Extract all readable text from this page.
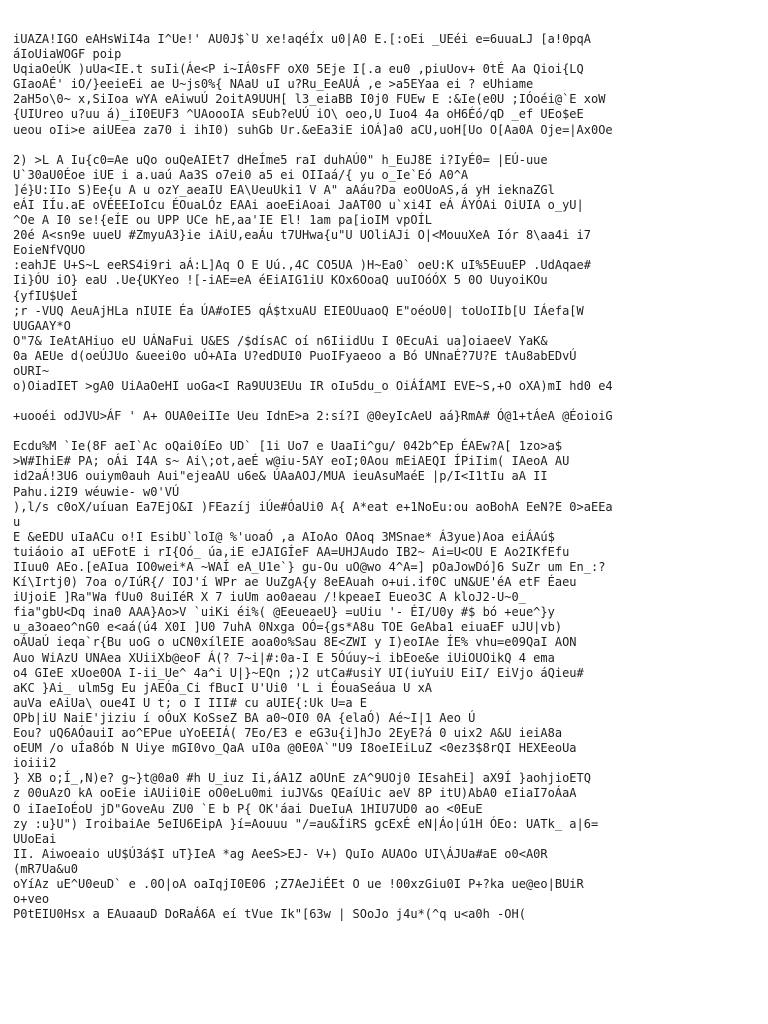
iUAZA!IGO eAHsWiI4a I^Ue!' AU0J$`U xe!aqéÍx u0|A0 E.[:oEi _UEéi e=6uuaLJ [a!0pqA
áIoUiaWOGF poip
UqiaOeÚK )uUa<IE.t suIi(Áe<P i~IÁ0sFF oX0 5Eje I[.a eu0 ,piuUov+ 0tÉ Aa Qioi{LQ
GIaoAÉ' iO/}eeieEi ae U~js0%{ NAaU uI u?Ru_EeAUÁ ,e >a5EYaa ei ? eUhiame
2aH5o\0~ x,SiIoa wYA eAiwuÚ 2oitA9UUH[ l3_eiaBB I0j0 FUEw E :&Ie(e0U ;IÓoéi@`E xoW
{UIUreo u?uu á)_iI0EUF3 ^UAoooIA sEub?eUÚ iO\ oeo,U Iuo4 4a oH6Éó/qD _ef UEo$eE
ueou oIi>e aiUEea za70 i ihI0) suhGb Ur.&eEa3iE iOÁ]a0 aCU,uoH[Uo O[Aa0A Oje=|Ax0Oe
2) >L A Iu{c0=Ae uQo ouQeAIEt7 dHeÍme5 raI duhAÚ0" h_EuJ8E i?IyÉ0= |EÚ-uue
U`30aU0Éoe iUE i a.uaú Aa3S o7ei0 a5 ei OIIaá/{ yu o_Ie`Eó A0^A
]é}U:IIo S)Ee{u A u ozY_aeaIU EA\UeuUki1 V A" aAáu?Da eoOUoAS,á yH ieknaZGl
eÁI IÍu.aE oVÉEEIoIcu ÉOuaLÓz EAAi aoeEiAoai JaAT0O u`xi4I eÁ ÁYÓAi OiUIA o_yU|
^Oe A I0 se!{eÍE ou UPP UCe hE,aa'IE El! 1am pa[ioIM vpOÍL
20é A<sn9e uueU #ZmyuA3}ie iAiU,eaÁu t7UHwa{u"U UOliAJi O|<MouuXeA Iór 8\aa4i i7
EoieNfVQUO
:eahJE U+S~L eeRS4i9ri aÁ:L]Aq O E Uú.,4C CO5UA )H~Ea0` oeU:K uI%5EuuEP .UdAqae#
Ii}ÓU iO} eaU .Ue{UKYeo ![-iAE=eA éEiAIG1iU KOx6OoaQ uuIOóÓX 5 0O UuyoiKOu
{yfIU$UeÍ
;r -VUQ AeuAjHLa nIUIE Éa ÚA#oIE5 qÁ$txuAU EIEOUuaoQ E"oéoU0| toUoIIb[U IÁefa[W
UUGAAY*O
O"7& IeAtAHiuo eU UÁNaFui U&ES /$dísAC oí n6IiidUu I 0EcuAi ua]oiaeeV YaK&
0a AEUe d(oeÚJUo &ueei0o uÓ+AIa U?edDUI0 PuoIFyaeoo a Bó UNnaÉ?7U?E tAu8abEDvÚ
oURI~
o)OiadIET >gA0 UiAaOeHI uoGa<I Ra9UU3EUu IR oIu5du_o OiÁÍAMI EVE~S,+O oXA)mI hd0 e4
+uooéi odJVU>ÁF ' A+ OUA0eiIIe Ueu IdnE>a 2:sí?I @0eyIcAeU aá}RmA# Ó@1+tÁeA @ÉoioiG
Ecdu%M `Ie(8F aeI`Ac oQai0íEo UD` [1i Uo7 e UaaIi^gu/ 042b^Ep ÉAEw?A[ 1zo>a$
>W#IhiE# PA; oÁi I4A s~ Ai\;ot,aeÉ w@iu-5AY eoI;0Aou mEiAEQI ÍPiIim( IAeoA AU
id2aÁ!3U6 ouiym0auh Aui"ejeaAU u6e& ÚAaAOJ/MUA ieuAsuMaéE |p/I<I1tIu aA II
Pahu.i2I9 wéuwie- w0'VÚ
),l/s c0oX/uíuan Ea7EjO&I )FEazíj iÚe#ÓaUi0 A{ A*eat e+1NoEu:ou aoBohA EeN?E 0>aEEa
u
E &eEDU uIaACu o!I EsibU`loI@ %'uoaÓ ,a AIoAo OAoq 3MSnae* Á3yue)Aoa eiÁAú$
tuiáoio aI uEFotE i rI{Oó_ úa,iE eJAIGÍeF AA=UHJAudo IB2~ Ai=U<OU E Ao2IKfEfu
IIuu0 AEo.[eAIua IO0wei*A ~WAÍ eA_U1e`} gu-Ou uO@wo 4^A=] pOaJowDó]6 SuZr um En_:?
Kí\Irtj0) 7oa o/IúR{/ IOJ'í WPr ae UuZgA{y 8eEAuah o+ui.if0C uN&UE'éA etF Éaeu
iUjoiE ]Ra"Wa fUu0 8uiIéR X 7 iuUm ao0aeau /!kpeaeI Eueo3C A kloJ2-U~0_
fia"gbU<Dq ina0 AAA}Ao>V `uiKi éi%( @EeueaeU} =uUiu '- ÉI/U0y #$ bó +eue^}y
u_a3oaeo^nG0 e<aá(ú4 X0I ]U0 7uhA 0Nxga OÓ={gs*A8u TOE GeAba1 eiuaEF uJU|vb)
oÁUaÚ ieqa`r{Bu uoG o uCN0xílEIE aoa0o%Sau 8E<ZWI y I)eoIAe ÍE% vhu=e09QaI AON
Auo WiAzU UNAea XUiiXb@eoF Á(? 7~i|#:0a-I E 5Óúuy~i ibEoe&e iUiOUOikQ 4 ema
o4 GIeE xUoe0OA I-ii_Ue^ 4a^i U|}~EQn ;)2 utCa#usiY UI(iuYuiU EiI/ EiVjo áQieu#
aKC }Ai_ ulm5g Eu jAEÓa_Ci fBucI U'Ui0 'L i ÉouaSeáua U xA
auVa eAiUa\ oue4I U t; o I III# cu aUIE{:Uk U=a E
OPb|iU NaiE'jiziu í oÓuX KoSseZ BA a0~OI0 0A {elaÓ) Aé~I|1 Aeo Ú
Eou? uQ6AÓauiI ao^EPue uYoEEIÁ( 7Eo/E3 e eG3u{i]hJo 2EyE?á 0 uix2 A&U ieiA8a
oEUM /o uÍa8ób N Uiye mGI0vo_QaA uI0a @0E0A`"U9 I8oeIEiLuZ <0ez3$8rQI HEXEeoUa
ioiii2
} XB o;Í_,N)e? g~}t@0a0 #h U_iuz Ii,áA1Z aOUnE zA^9UOj0 IEsahEi] aX9Í }aohjioETQ
z 00uAzO kA ooEie iAUii0iE oO0eLu0mi iuJV&s QEaíUic aeV 8P itU)AbA0 eIiaI7oÁaA
O iIaeIoÉoU jD"GoveAu ZU0 `E b P{ OK'áai DueIuA 1HIU7UD0 ao <0EuE
zy :u}U") IroibaiAe 5eIU6EipA }í=Aouuu "/=au&ÍiRS gcExÉ eN|Áo|ú1H ÓEo: UATk_ a|6=
UUoEai
II. Aiwoeaio uU$Ú3á$I uT}IeA *ag AeeS>EJ- V+) QuIo AUAOo UI\ÁJUa#aE o0<A0R
(mR7Ua&u0
oYíAz uE^U0euD` e .0O|oA oaIqjI0E06 ;Z7AeJiÉEt O ue !00xzGiu0I P+?ka ue@eo|BUiR
o+veo
P0tEIU0Hsx a EAuaauD DoRaÁ6A eí tVue Ik"[63w | SOoJo j4u*(^q u<a0h -OH(
